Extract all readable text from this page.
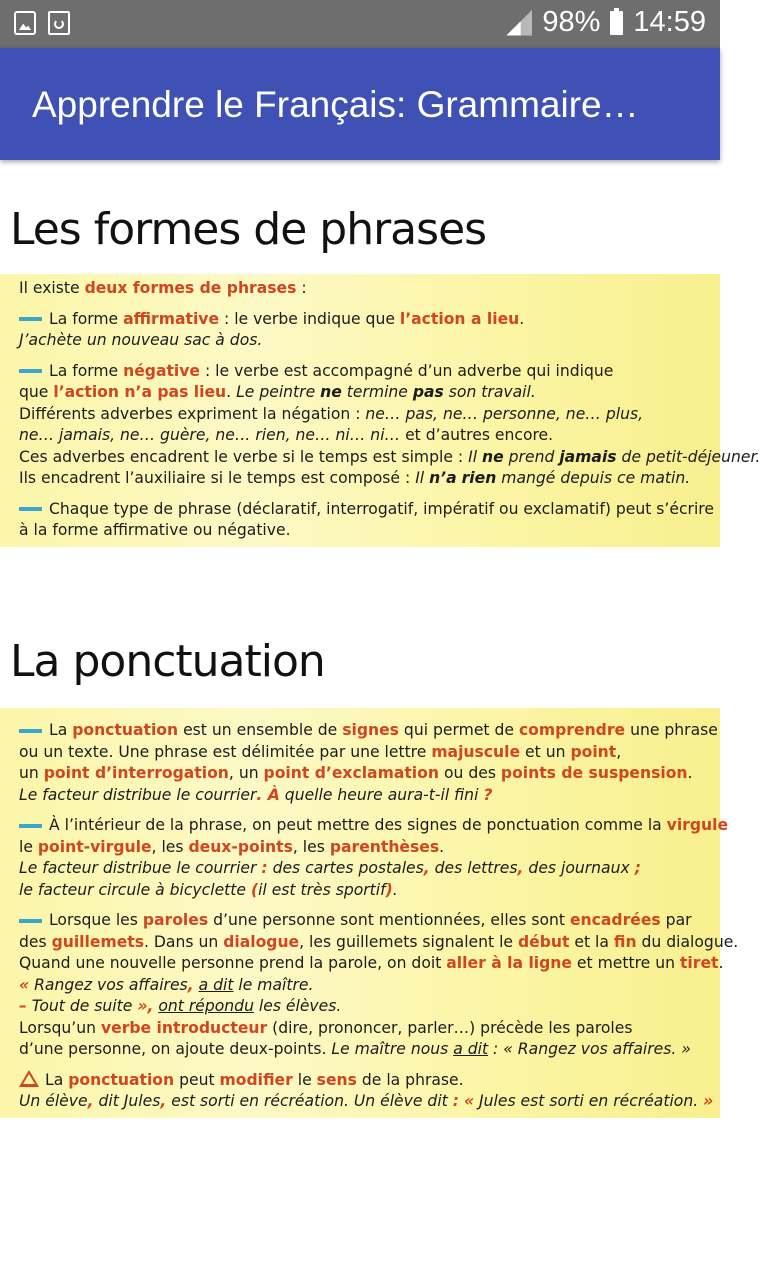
98% 14:59
Apprendre le Français: Grammaire…
Les formes de phrases
Il existe deux formes de phrases :
La forme affirmative : le verbe indique que l’action a lieu.
J’achète un nouveau sac à dos.
La forme négative : le verbe est accompagné d’un adverbe qui indique
que l’action n’a pas lieu. Le peintre ne termine pas son travail.
Différents adverbes expriment la négation : ne… pas, ne… personne, ne… plus,
ne… jamais, ne… guère, ne… rien, ne… ni… ni… et d’autres encore.
Ces adverbes encadrent le verbe si le temps est simple : Il ne prend jamais de petit-déjeuner.
Ils encadrent l’auxiliaire si le temps est composé : Il n’a rien mangé depuis ce matin.
Chaque type de phrase (déclaratif, interrogatif, impératif ou exclamatif) peut s’écrire
à la forme affirmative ou négative.
La ponctuation
La ponctuation est un ensemble de signes qui permet de comprendre une phrase
ou un texte. Une phrase est délimitée par une lettre majuscule et un point,
un point d’interrogation, un point d’exclamation ou des points de suspension.
Le facteur distribue le courrier. À quelle heure aura-t-il fini ?
À l’intérieur de la phrase, on peut mettre des signes de ponctuation comme la virgule
le point-virgule, les deux-points, les parenthèses.
Le facteur distribue le courrier : des cartes postales, des lettres, des journaux ;
le facteur circule à bicyclette (il est très sportif).
Lorsque les paroles d’une personne sont mentionnées, elles sont encadrées par
des guillemets. Dans un dialogue, les guillemets signalent le début et la fin du dialogue.
Quand une nouvelle personne prend la parole, on doit aller à la ligne et mettre un tiret.
« Rangez vos affaires, a dit le maître.
– Tout de suite », ont répondu les élèves.
Lorsqu’un verbe introducteur (dire, prononcer, parler…) précède les paroles
d’une personne, on ajoute deux-points. Le maître nous a dit : « Rangez vos affaires. »
La ponctuation peut modifier le sens de la phrase.
Un élève, dit Jules, est sorti en récréation. Un élève dit : « Jules est sorti en récréation. »
